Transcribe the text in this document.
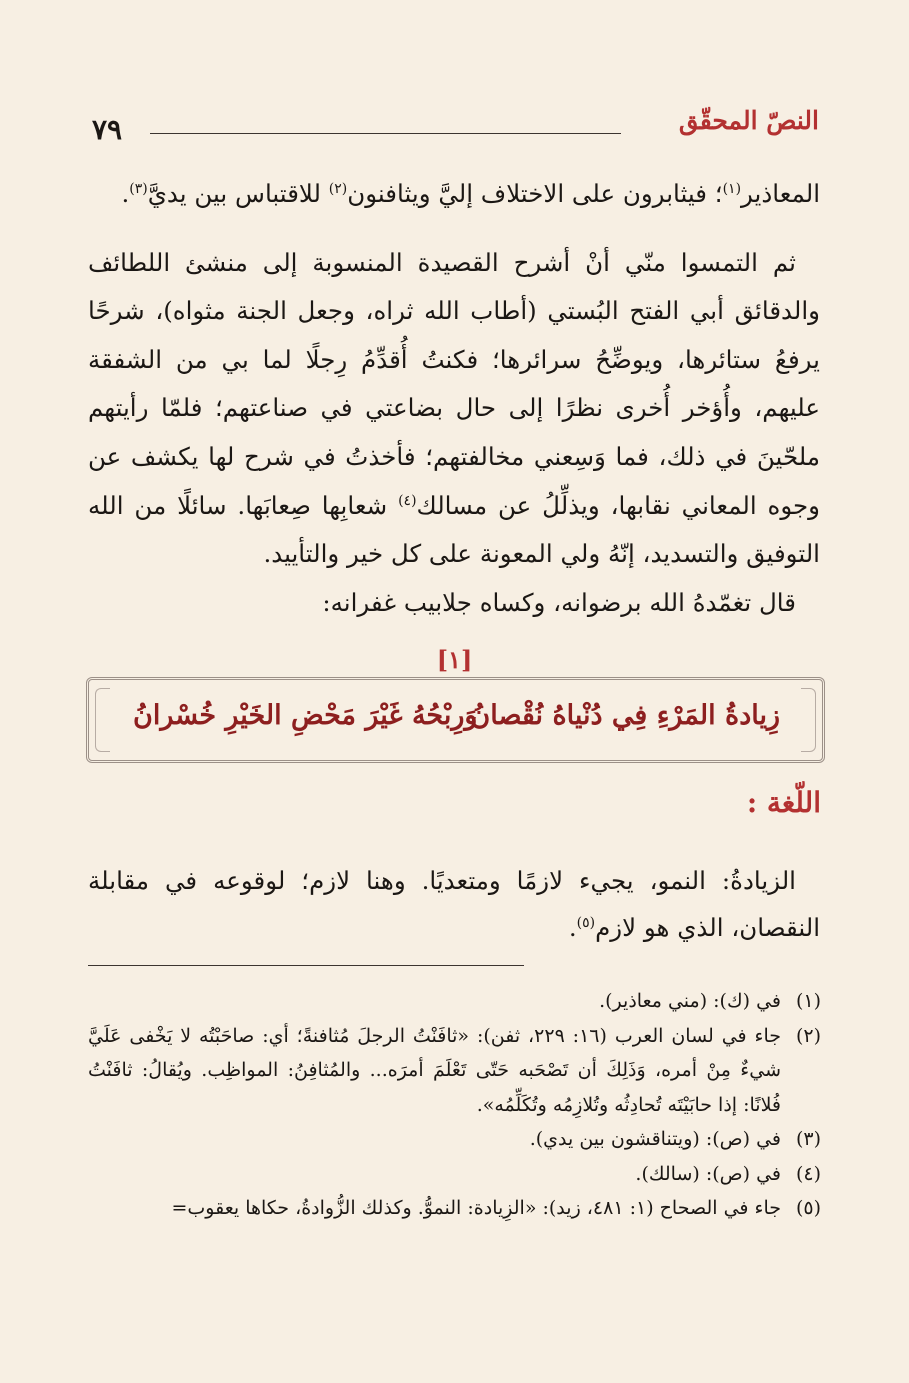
النصّ المحقّق
٧٩

المعاذير$^{(١)}$؛ فيثابرون على الاختلاف إليَّ ويثافنون$^{(٢)}$ للاقتباس بين يديَّ$^{(٣)}$.

ثم التمسوا منّي أنْ أشرح القصيدة المنسوبة إلى منشئ اللطائف والدقائق أبي الفتح البُستي (أطاب الله ثراه، وجعل الجنة مثواه)، شرحًا يرفعُ ستائرها، ويوضِّحُ سرائرها؛ فكنتُ أُقدِّمُ رِجلًا لما بي من الشفقة عليهم، وأُؤخر أُخرى نظرًا إلى حال بضاعتي في صناعتهم؛ فلمّا رأيتهم ملحّينَ في ذلك، فما وَسِعني مخالفتهم؛ فأخذتُ في شرح لها يكشف عن وجوه المعاني نقابها، ويذلِّلُ عن مسالك$^{(٤)}$ شعابِها صِعابَها. سائلًا من الله التوفيق والتسديد، إنّهُ ولي المعونة على كل خير والتأييد.

قال تغمّدهُ الله برضوانه، وكساه جلابيب غفرانه:

[١]
زِيادةُ المَرْءِ فِي دُنْياهُ نُقْصانُ
وَرِبْحُهُ غَيْرَ مَحْضِ الخَيْرِ خُسْرانُ
اللّغة :

الزيادةُ: النمو، يجيء لازمًا ومتعديًا. وهنا لازم؛ لوقوعه في مقابلة النقصان، الذي هو لازم$^{(٥)}$.

(١)
في (ك): (مني معاذير).
(٢)
جاء في لسان العرب (١٦: ٢٢٩، ثفن): «ثافَنْتُ الرجلَ مُثافنةً؛ أي: صاحَبْتُه لا يَخْفى عَلَيَّ شيءٌ مِنْ أمره، وَذَلِكَ أن تَصْحَبه حَتّى تَعْلَمَ أمرَه... والمُثافِنُ: المواظِب. ويُقالُ: ثافَنْتُ فُلانًا: إذا حابَيْتَه تُحادِثُه وتُلازِمُه وتُكَلِّمُه».
(٣)
في (ص): (ويتناقشون بين يدي).
(٤)
في (ص): (سالك).
(٥)
جاء في الصحاح (١: ٤٨١، زيد): «الزِيادة: النموُّ. وكذلك الزُّوادةُ، حكاها يعقوب=
